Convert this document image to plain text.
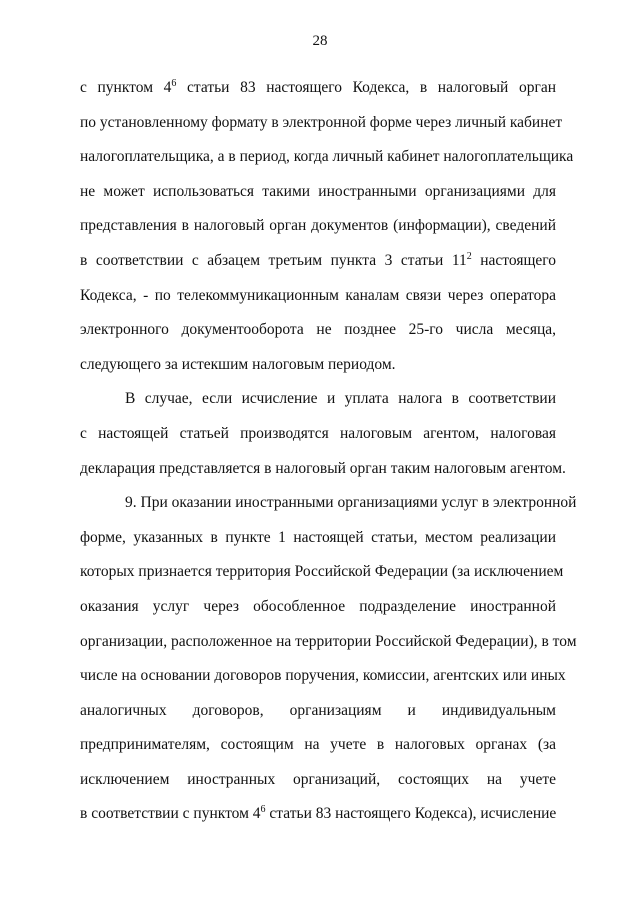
28
с пунктом $4^6$ статьи 83 настоящего Кодекса, в налоговый орган
по установленному формату в электронной форме через личный кабинет
налогоплательщика, а в период, когда личный кабинет налогоплательщика
не может использоваться такими иностранными организациями для
представления в налоговый орган документов (информации), сведений
в соответствии с абзацем третьим пункта 3 статьи $11^2$ настоящего
Кодекса, - по телекоммуникационным каналам связи через оператора
электронного документооборота не позднее 25-го числа месяца,
следующего за истекшим налоговым периодом.
В случае, если исчисление и уплата налога в соответствии
с настоящей статьей производятся налоговым агентом, налоговая
декларация представляется в налоговый орган таким налоговым агентом.
9. При оказании иностранными организациями услуг в электронной
форме, указанных в пункте 1 настоящей статьи, местом реализации
которых признается территория Российской Федерации (за исключением
оказания услуг через обособленное подразделение иностранной
организации, расположенное на территории Российской Федерации), в том
числе на основании договоров поручения, комиссии, агентских или иных
аналогичных договоров, организациям и индивидуальным
предпринимателям, состоящим на учете в налоговых органах (за
исключением иностранных организаций, состоящих на учете
в соответствии с пунктом $4^6$ статьи 83 настоящего Кодекса), исчисление
